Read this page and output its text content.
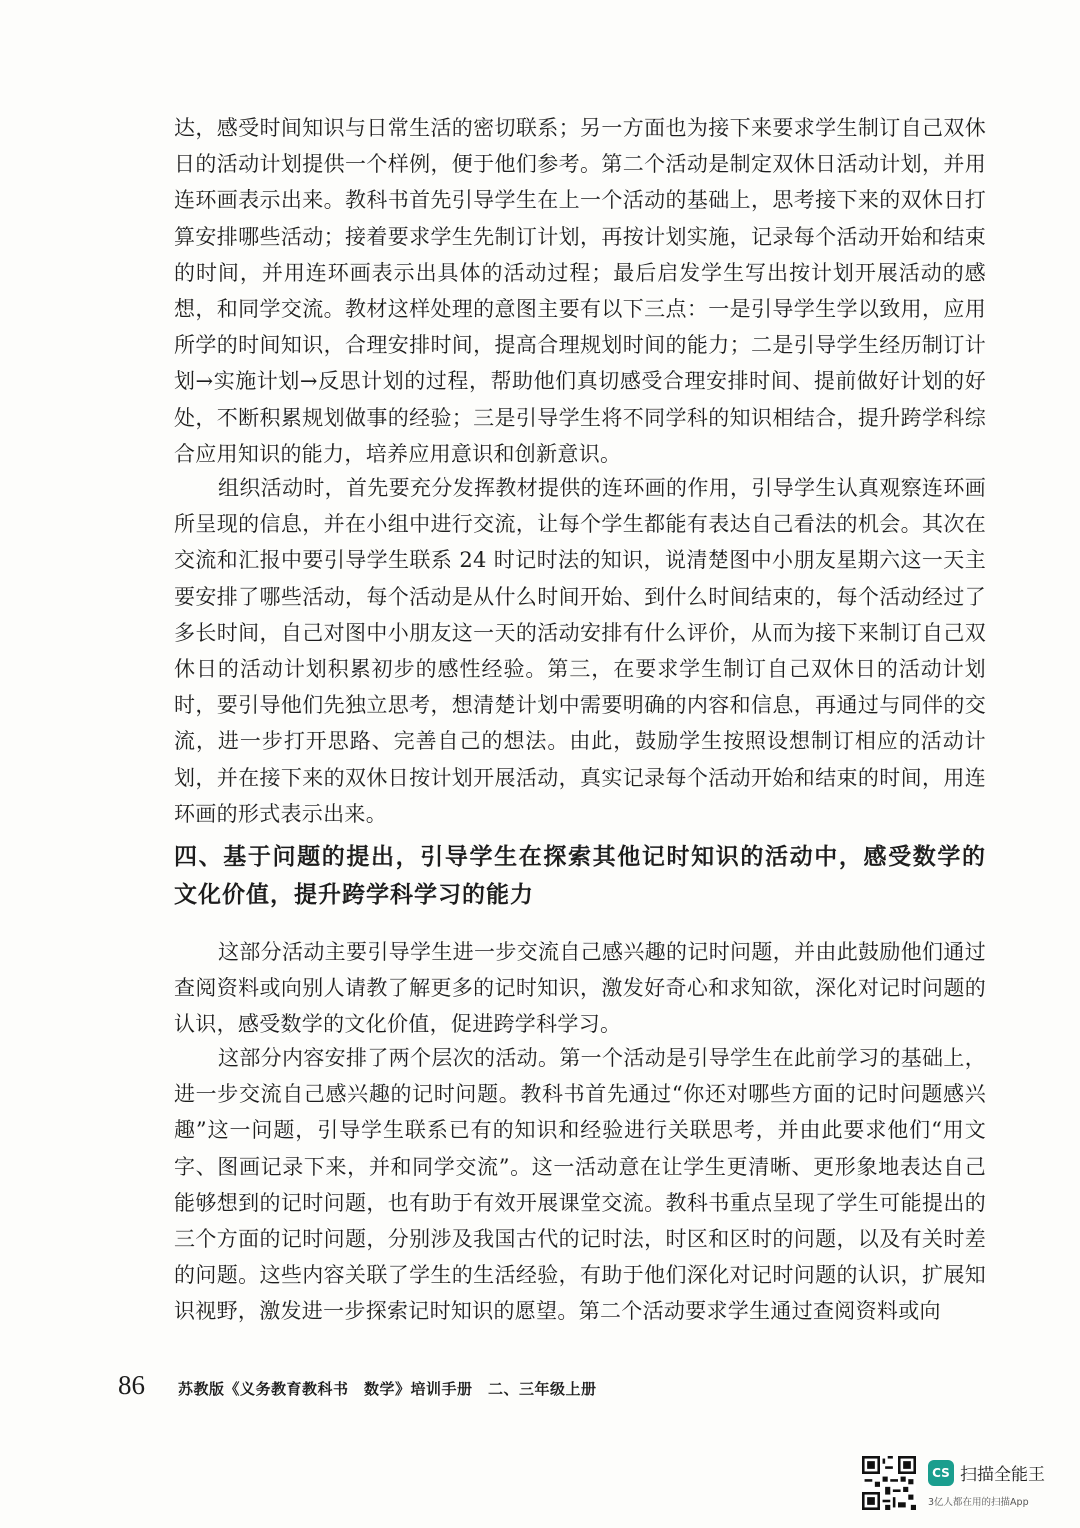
达，感受时间知识与日常生活的密切联系；另一方面也为接下来要求学生制订自己双休日的活动计划提供一个样例，便于他们参考。第二个活动是制定双休日活动计划，并用连环画表示出来。教科书首先引导学生在上一个活动的基础上，思考接下来的双休日打算安排哪些活动；接着要求学生先制订计划，再按计划实施，记录每个活动开始和结束的时间，并用连环画表示出具体的活动过程；最后启发学生写出按计划开展活动的感想，和同学交流。教材这样处理的意图主要有以下三点：一是引导学生学以致用，应用所学的时间知识，合理安排时间，提高合理规划时间的能力；二是引导学生经历制订计划→实施计划→反思计划的过程，帮助他们真切感受合理安排时间、提前做好计划的好处，不断积累规划做事的经验；三是引导学生将不同学科的知识相结合，提升跨学科综合应用知识的能力，培养应用意识和创新意识。

组织活动时，首先要充分发挥教材提供的连环画的作用，引导学生认真观察连环画所呈现的信息，并在小组中进行交流，让每个学生都能有表达自己看法的机会。其次在交流和汇报中要引导学生联系 24 时记时法的知识，说清楚图中小朋友星期六这一天主要安排了哪些活动，每个活动是从什么时间开始、到什么时间结束的，每个活动经过了多长时间，自己对图中小朋友这一天的活动安排有什么评价，从而为接下来制订自己双休日的活动计划积累初步的感性经验。第三，在要求学生制订自己双休日的活动计划时，要引导他们先独立思考，想清楚计划中需要明确的内容和信息，再通过与同伴的交流，进一步打开思路、完善自己的想法。由此，鼓励学生按照设想制订相应的活动计划，并在接下来的双休日按计划开展活动，真实记录每个活动开始和结束的时间，用连环画的形式表示出来。

四、基于问题的提出，引导学生在探索其他记时知识的活动中，感受数学的文化价值，提升跨学科学习的能力

这部分活动主要引导学生进一步交流自己感兴趣的记时问题，并由此鼓励他们通过查阅资料或向别人请教了解更多的记时知识，激发好奇心和求知欲，深化对记时问题的认识，感受数学的文化价值，促进跨学科学习。

这部分内容安排了两个层次的活动。第一个活动是引导学生在此前学习的基础上，进一步交流自己感兴趣的记时问题。教科书首先通过“你还对哪些方面的记时问题感兴趣”这一问题，引导学生联系已有的知识和经验进行关联思考，并由此要求他们“用文字、图画记录下来，并和同学交流”。这一活动意在让学生更清晰、更形象地表达自己能够想到的记时问题，也有助于有效开展课堂交流。教科书重点呈现了学生可能提出的三个方面的记时问题，分别涉及我国古代的记时法，时区和区时的问题，以及有关时差的问题。这些内容关联了学生的生活经验，有助于他们深化对记时问题的认识，扩展知识视野，激发进一步探索记时知识的愿望。第二个活动要求学生通过查阅资料或向

86	苏教版《义务教育教科书　数学》培训手册　二、三年级上册
CS 扫描全能王
3亿人都在用的扫描App
